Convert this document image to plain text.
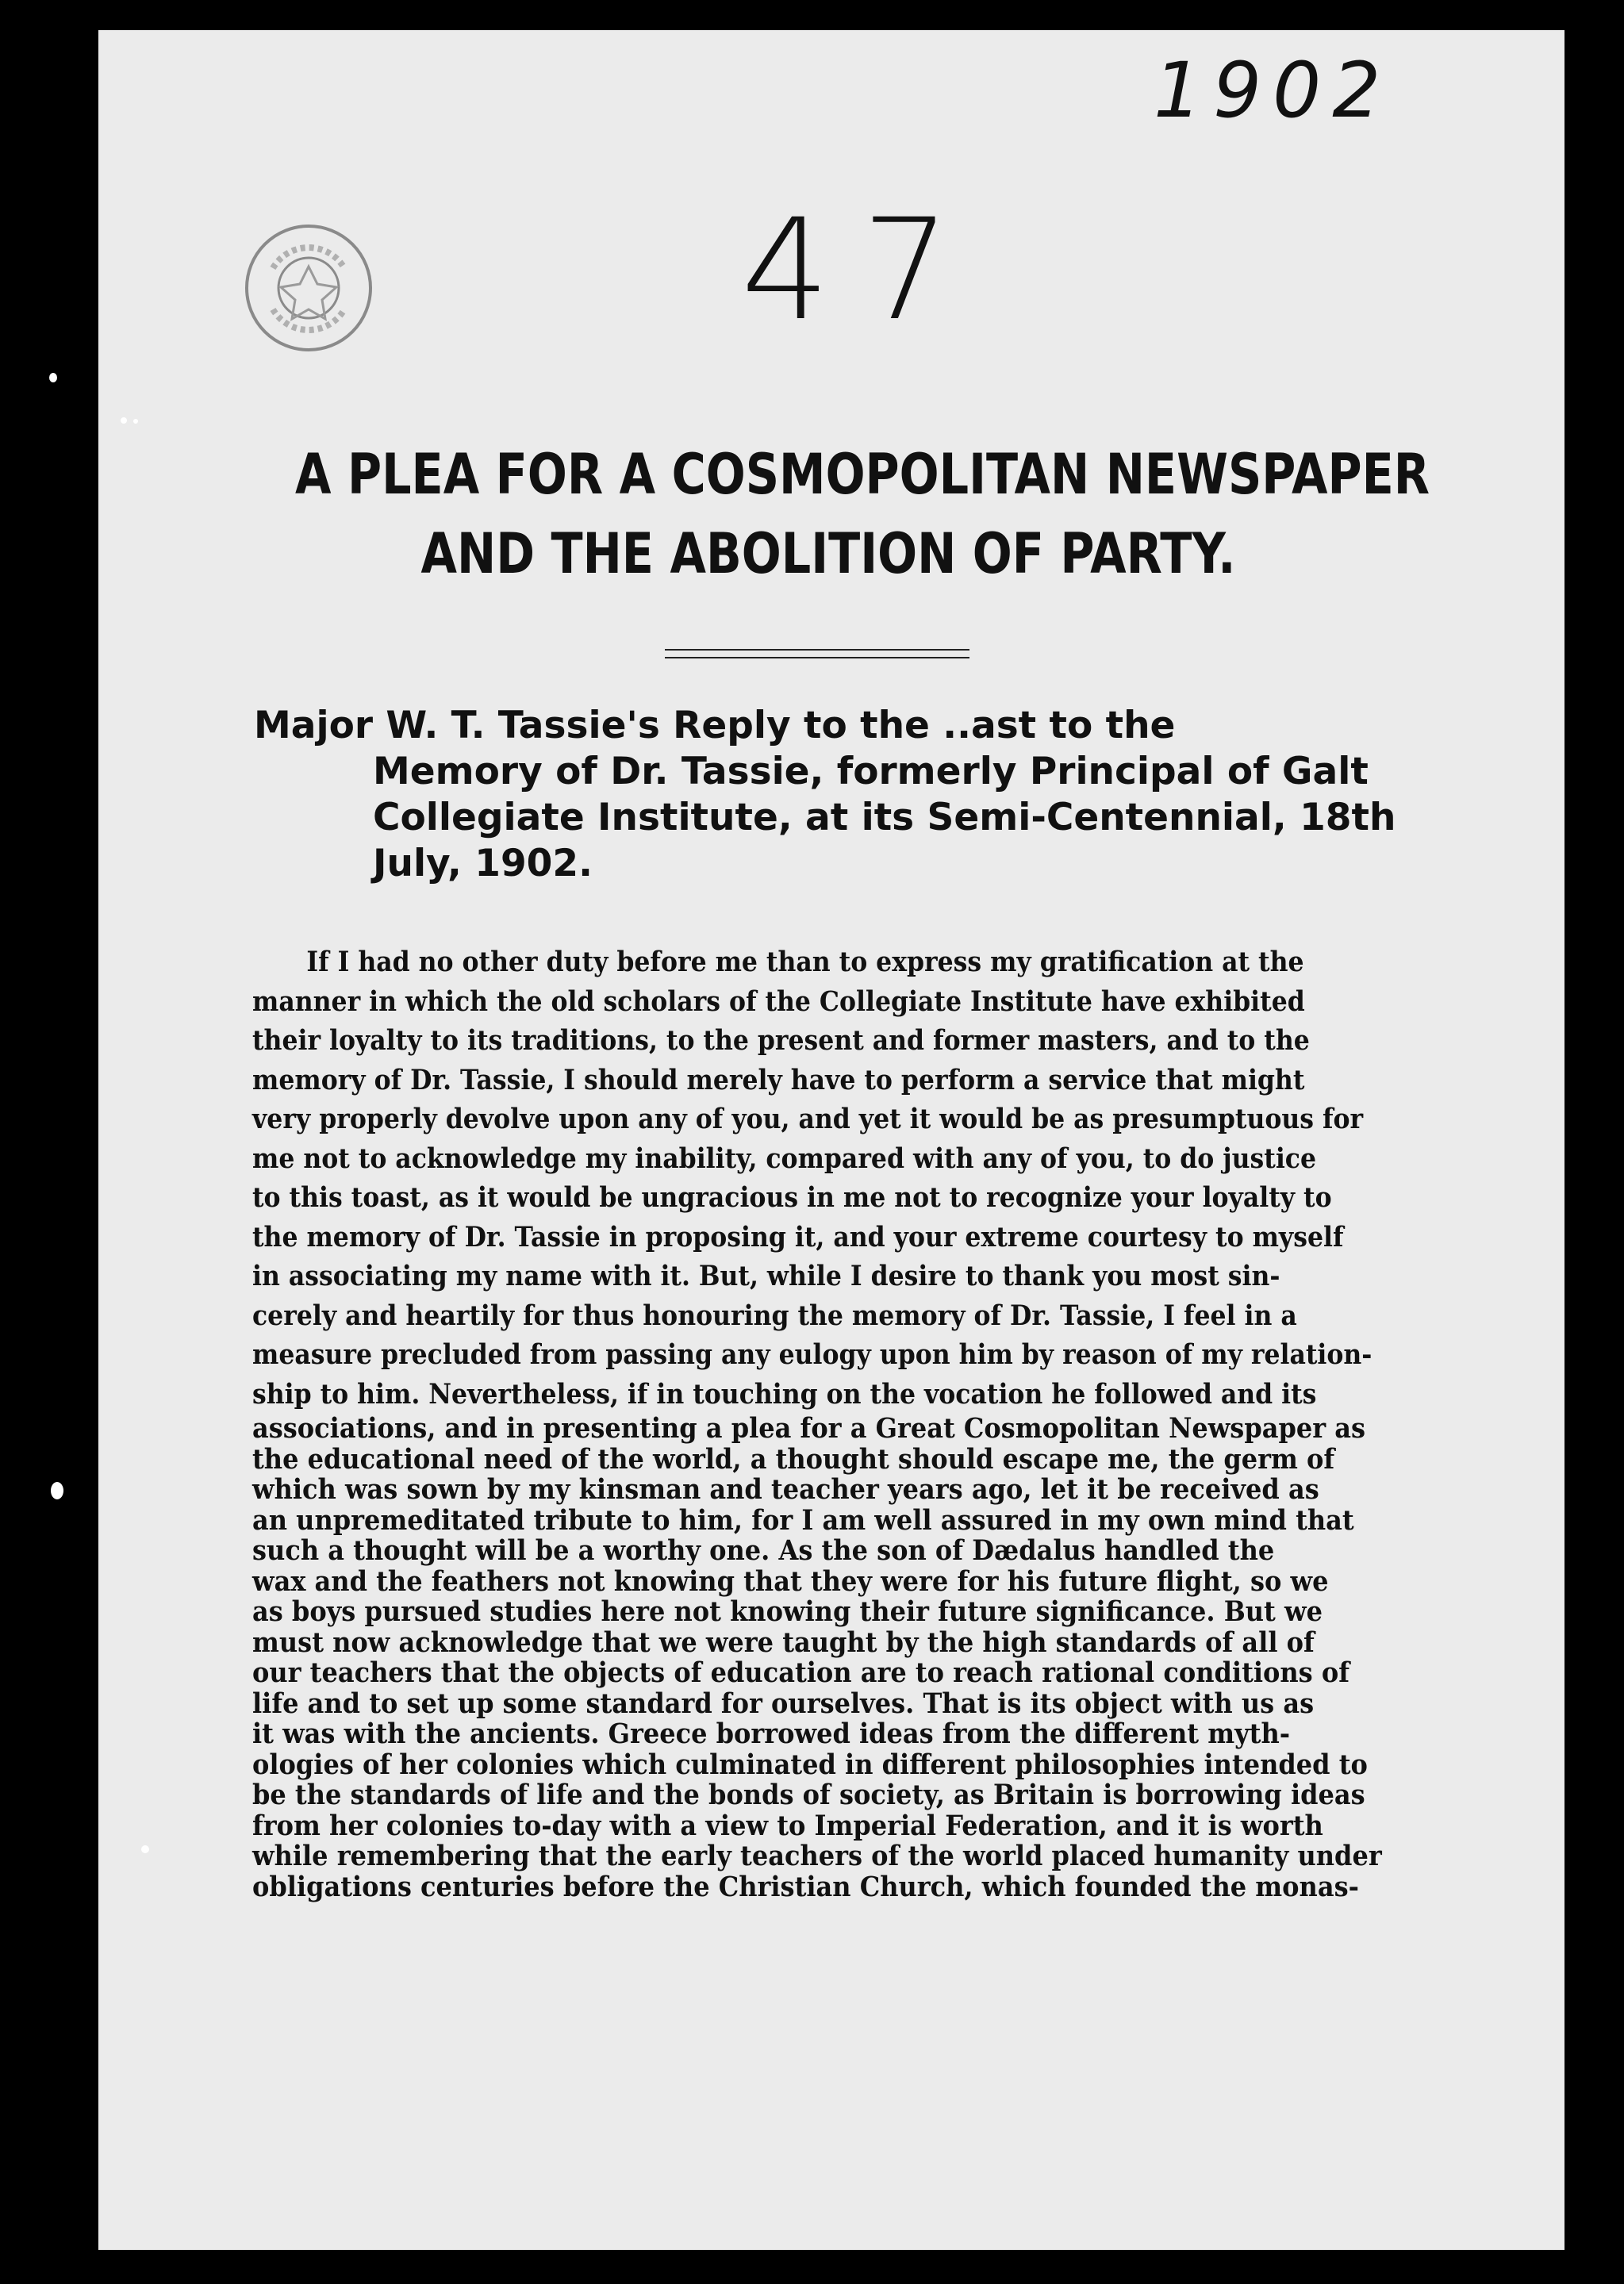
1902
47
A PLEA FOR A COSMOPOLITAN NEWSPAPER
AND THE ABOLITION OF PARTY.
Major W. T. Tassie's Reply to the ..ast to the
Memory of Dr. Tassie, formerly Principal of Galt
Collegiate Institute, at its Semi-Centennial, 18th
July, 1902.
If I had no other duty before me than to express my gratification at the
manner in which the old scholars of the Collegiate Institute have exhibited
their loyalty to its traditions, to the present and former masters, and to the
memory of Dr. Tassie, I should merely have to perform a service that might
very properly devolve upon any of you, and yet it would be as presumptuous for
me not to acknowledge my inability, compared with any of you, to do justice
to this toast, as it would be ungracious in me not to recognize your loyalty to
the memory of Dr. Tassie in proposing it, and your extreme courtesy to myself
in associating my name with it. But, while I desire to thank you most sin-
cerely and heartily for thus honouring the memory of Dr. Tassie, I feel in a
measure precluded from passing any eulogy upon him by reason of my relation-
ship to him. Nevertheless, if in touching on the vocation he followed and its
associations, and in presenting a plea for a Great Cosmopolitan Newspaper as
the educational need of the world, a thought should escape me, the germ of
which was sown by my kinsman and teacher years ago, let it be received as
an unpremeditated tribute to him, for I am well assured in my own mind that
such a thought will be a worthy one. As the son of Dædalus handled the
wax and the feathers not knowing that they were for his future flight, so we
as boys pursued studies here not knowing their future significance. But we
must now acknowledge that we were taught by the high standards of all of
our teachers that the objects of education are to reach rational conditions of
life and to set up some standard for ourselves. That is its object with us as
it was with the ancients. Greece borrowed ideas from the different myth-
ologies of her colonies which culminated in different philosophies intended to
be the standards of life and the bonds of society, as Britain is borrowing ideas
from her colonies to-day with a view to Imperial Federation, and it is worth
while remembering that the early teachers of the world placed humanity under
obligations centuries before the Christian Church, which founded the monas-
